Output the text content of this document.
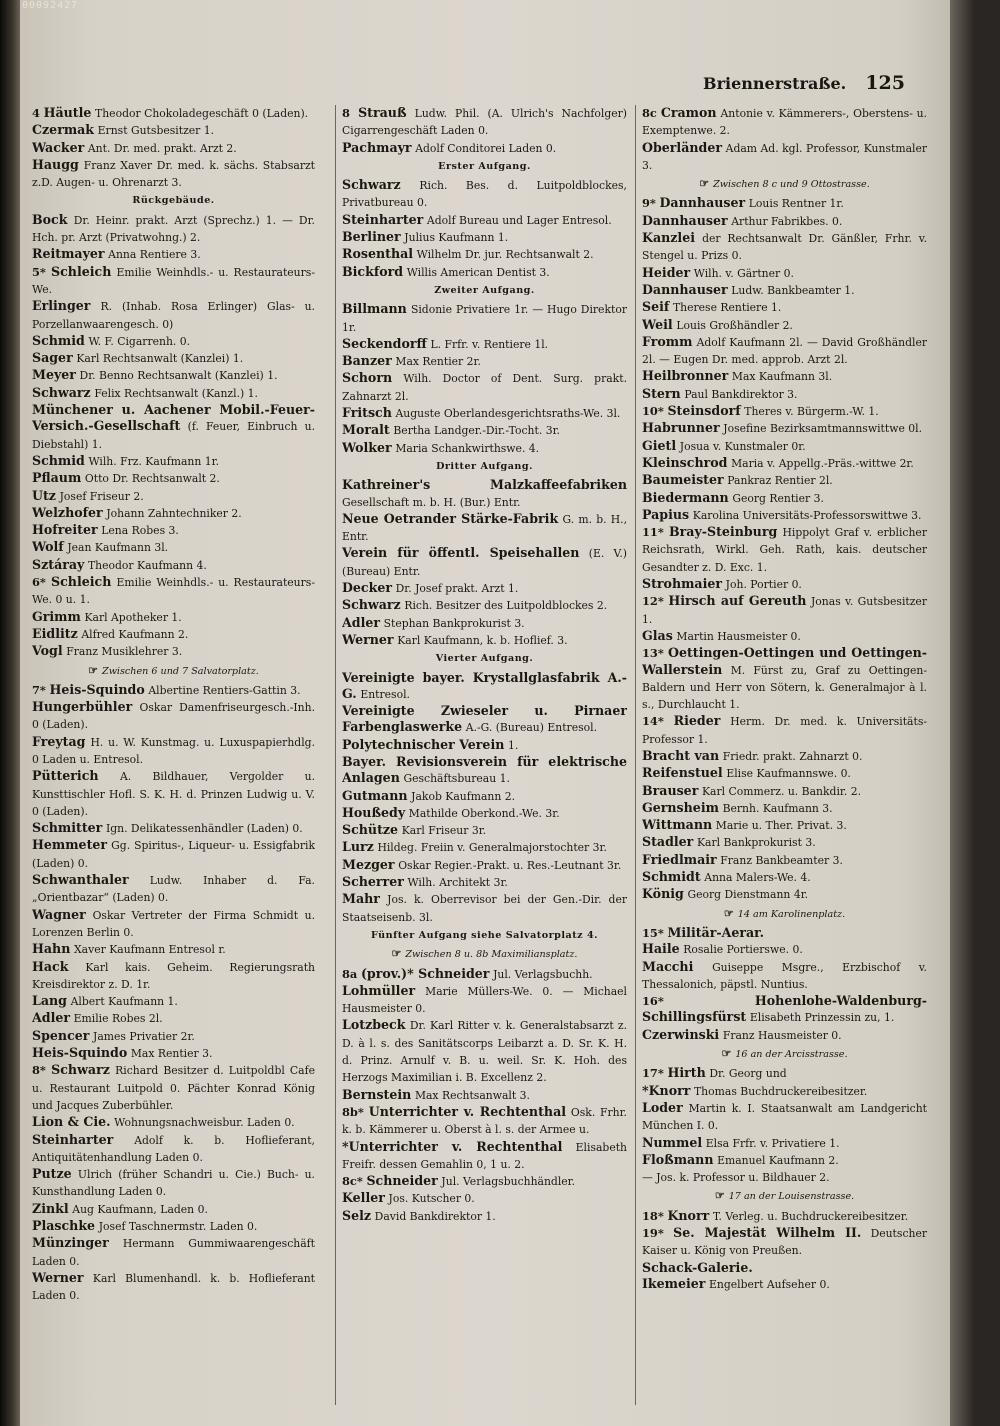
00092427
Briennerstraße. 125

4 Häutle Theodor Chokoladegeschäft 0 (Laden).

Czermak Ernst Gutsbesitzer 1.

Wacker Ant. Dr. med. prakt. Arzt 2.

Haugg Franz Xaver Dr. med. k. sächs. Stabsarzt z.D. Augen- u. Ohrenarzt 3.

Rückgebäude.

Bock Dr. Heinr. prakt. Arzt (Sprechz.) 1. — Dr. Hch. pr. Arzt (Privatwohng.) 2.

Reitmayer Anna Rentiere 3.

5* Schleich Emilie Weinhdls.- u. Restaurateurs-We.

Erlinger R. (Inhab. Rosa Erlinger) Glas- u. Porzellanwaarengesch. 0)

Schmid W. F. Cigarrenh. 0.

Sager Karl Rechtsanwalt (Kanzlei) 1.

Meyer Dr. Benno Rechtsanwalt (Kanzlei) 1.

Schwarz Felix Rechtsanwalt (Kanzl.) 1.

Münchener u. Aachener Mobil.-Feuer-Versich.-Gesellschaft (f. Feuer, Einbruch u. Diebstahl) 1.

Schmid Wilh. Frz. Kaufmann 1r.

Pflaum Otto Dr. Rechtsanwalt 2.

Utz Josef Friseur 2.

Welzhofer Johann Zahntechniker 2.

Hofreiter Lena Robes 3.

Wolf Jean Kaufmann 3l.

Sztáray Theodor Kaufmann 4.

6* Schleich Emilie Weinhdls.- u. Restaurateurs-We. 0 u. 1.

Grimm Karl Apotheker 1.

Eidlitz Alfred Kaufmann 2.

Vogl Franz Musiklehrer 3.

☞ Zwischen 6 und 7 Salvatorplatz.

7* Heis-Squindo Albertine Rentiers-Gattin 3.

Hungerbühler Oskar Damenfriseurgesch.-Inh. 0 (Laden).

Freytag H. u. W. Kunstmag. u. Luxuspapierhdlg. 0 Laden u. Entresol.

Pütterich A. Bildhauer, Vergolder u. Kunsttischler Hofl. S. K. H. d. Prinzen Ludwig u. V. 0 (Laden).

Schmitter Ign. Delikatessenhändler (Laden) 0.

Hemmeter Gg. Spiritus-, Liqueur- u. Essigfabrik (Laden) 0.

Schwanthaler Ludw. Inhaber d. Fa. „Orientbazar“ (Laden) 0.

Wagner Oskar Vertreter der Firma Schmidt u. Lorenzen Berlin 0.

Hahn Xaver Kaufmann Entresol r.

Hack Karl kais. Geheim. Regierungsrath Kreisdirektor z. D. 1r.

Lang Albert Kaufmann 1.

Adler Emilie Robes 2l.

Spencer James Privatier 2r.

Heis-Squindo Max Rentier 3.

8* Schwarz Richard Besitzer d. Luitpoldbl Cafe u. Restaurant Luitpold 0. Pächter Konrad König und Jacques Zuberbühler.

Lion & Cie. Wohnungsnachweisbur. Laden 0.

Steinharter Adolf k. b. Hoflieferant, Antiquitätenhandlung Laden 0.

Putze Ulrich (früher Schandri u. Cie.) Buch- u. Kunsthandlung Laden 0.

Zinkl Aug Kaufmann, Laden 0.

Plaschke Josef Taschnermstr. Laden 0.

Münzinger Hermann Gummiwaarengeschäft Laden 0.

Werner Karl Blumenhandl. k. b. Hoflieferant Laden 0.

8 Strauß Ludw. Phil. (A. Ulrich's Nachfolger) Cigarrengeschäft Laden 0.

Pachmayr Adolf Conditorei Laden 0.

Erster Aufgang.

Schwarz Rich. Bes. d. Luitpoldblockes, Privatbureau 0.

Steinharter Adolf Bureau und Lager Entresol.

Berliner Julius Kaufmann 1.

Rosenthal Wilhelm Dr. jur. Rechtsanwalt 2.

Bickford Willis American Dentist 3.

Zweiter Aufgang.

Billmann Sidonie Privatiere 1r. — Hugo Direktor 1r.

Seckendorff L. Frfr. v. Rentiere 1l.

Banzer Max Rentier 2r.

Schorn Wilh. Doctor of Dent. Surg. prakt. Zahnarzt 2l.

Fritsch Auguste Oberlandesgerichtsraths-We. 3l.

Moralt Bertha Landger.-Dir.-Tocht. 3r.

Wolker Maria Schankwirthswe. 4.

Dritter Aufgang.

Kathreiner's Malzkaffeefabriken Gesellschaft m. b. H. (Bur.) Entr.

Neue Oetrander Stärke-Fabrik G. m. b. H., Entr.

Verein für öffentl. Speisehallen (E. V.) (Bureau) Entr.

Decker Dr. Josef prakt. Arzt 1.

Schwarz Rich. Besitzer des Luitpoldblockes 2.

Adler Stephan Bankprokurist 3.

Werner Karl Kaufmann, k. b. Hoflief. 3.

Vierter Aufgang.

Vereinigte bayer. Krystallglasfabrik A.-G. Entresol.

Vereinigte Zwieseler u. Pirnaer Farbenglaswerke A.-G. (Bureau) Entresol.

Polytechnischer Verein 1.

Bayer. Revisionsverein für elektrische Anlagen Geschäftsbureau 1.

Gutmann Jakob Kaufmann 2.

Houßedy Mathilde Oberkond.-We. 3r.

Schütze Karl Friseur 3r.

Lurz Hildeg. Freiin v. Generalmajorstochter 3r.

Mezger Oskar Regier.-Prakt. u. Res.-Leutnant 3r.

Scherrer Wilh. Architekt 3r.

Mahr Jos. k. Oberrevisor bei der Gen.-Dir. der Staatseisenb. 3l.

Fünfter Aufgang siehe Salvatorplatz 4.

☞ Zwischen 8 u. 8b Maximiliansplatz.

8a (prov.)* Schneider Jul. Verlagsbuchh.

Lohmüller Marie Müllers-We. 0. — Michael Hausmeister 0.

Lotzbeck Dr. Karl Ritter v. k. Generalstabsarzt z. D. à l. s. des Sanitätscorps Leibarzt a. D. Sr. K. H. d. Prinz. Arnulf v. B. u. weil. Sr. K. Hoh. des Herzogs Maximilian i. B. Excellenz 2.

Bernstein Max Rechtsanwalt 3.

8b* Unterrichter v. Rechtenthal Osk. Frhr. k. b. Kämmerer u. Oberst à l. s. der Armee u.

*Unterrichter v. Rechtenthal Elisabeth Freifr. dessen Gemahlin 0, 1 u. 2.

8c* Schneider Jul. Verlagsbuchhändler.

Keller Jos. Kutscher 0.

Selz David Bankdirektor 1.

8c Cramon Antonie v. Kämmerers-, Oberstens- u. Exemptenwe. 2.

Oberländer Adam Ad. kgl. Professor, Kunstmaler 3.

☞ Zwischen 8 c und 9 Ottostrasse.

9* Dannhauser Louis Rentner 1r.

Dannhauser Arthur Fabrikbes. 0.

Kanzlei der Rechtsanwalt Dr. Gänßler, Frhr. v. Stengel u. Prizs 0.

Heider Wilh. v. Gärtner 0.

Dannhauser Ludw. Bankbeamter 1.

Seif Therese Rentiere 1.

Weil Louis Großhändler 2.

Fromm Adolf Kaufmann 2l. — David Großhändler 2l. — Eugen Dr. med. approb. Arzt 2l.

Heilbronner Max Kaufmann 3l.

Stern Paul Bankdirektor 3.

10* Steinsdorf Theres v. Bürgerm.-W. 1.

Habrunner Josefine Bezirksamtmannswittwe 0l.

Gietl Josua v. Kunstmaler 0r.

Kleinschrod Maria v. Appellg.-Präs.-wittwe 2r.

Baumeister Pankraz Rentier 2l.

Biedermann Georg Rentier 3.

Papius Karolina Universitäts-Professorswittwe 3.

11* Bray-Steinburg Hippolyt Graf v. erblicher Reichsrath, Wirkl. Geh. Rath, kais. deutscher Gesandter z. D. Exc. 1.

Strohmaier Joh. Portier 0.

12* Hirsch auf Gereuth Jonas v. Gutsbesitzer 1.

Glas Martin Hausmeister 0.

13* Oettingen-Oettingen und Oettingen-Wallerstein M. Fürst zu, Graf zu Oettingen-Baldern und Herr von Sötern, k. Generalmajor à l. s., Durchlaucht 1.

14* Rieder Herm. Dr. med. k. Universitäts-Professor 1.

Bracht van Friedr. prakt. Zahnarzt 0.

Reifenstuel Elise Kaufmannswe. 0.

Brauser Karl Commerz. u. Bankdir. 2.

Gernsheim Bernh. Kaufmann 3.

Wittmann Marie u. Ther. Privat. 3.

Stadler Karl Bankprokurist 3.

Friedlmair Franz Bankbeamter 3.

Schmidt Anna Malers-We. 4.

König Georg Dienstmann 4r.

☞ 14 am Karolinenplatz.

15* Militär-Aerar.

Haile Rosalie Portierswe. 0.

Macchi Guiseppe Msgre., Erzbischof v. Thessalonich, päpstl. Nuntius.

16*	Hohenlohe-Waldenburg-Schillingsfürst Elisabeth Prinzessin zu, 1.

Czerwinski Franz Hausmeister 0.

☞ 16 an der Arcisstrasse.

17* Hirth Dr. Georg und

*Knorr Thomas Buchdruckereibesitzer.

Loder Martin k. I. Staatsanwalt am Landgericht München I. 0.

Nummel Elsa Frfr. v. Privatiere 1.

Floßmann Emanuel Kaufmann 2.

— Jos. k. Professor u. Bildhauer 2.

☞ 17 an der Louisenstrasse.

18* Knorr T. Verleg. u. Buchdruckereibesitzer.

19* Se. Majestät Wilhelm II. Deutscher Kaiser u. König von Preußen.

Schack-Galerie.

Ikemeier Engelbert Aufseher 0.
